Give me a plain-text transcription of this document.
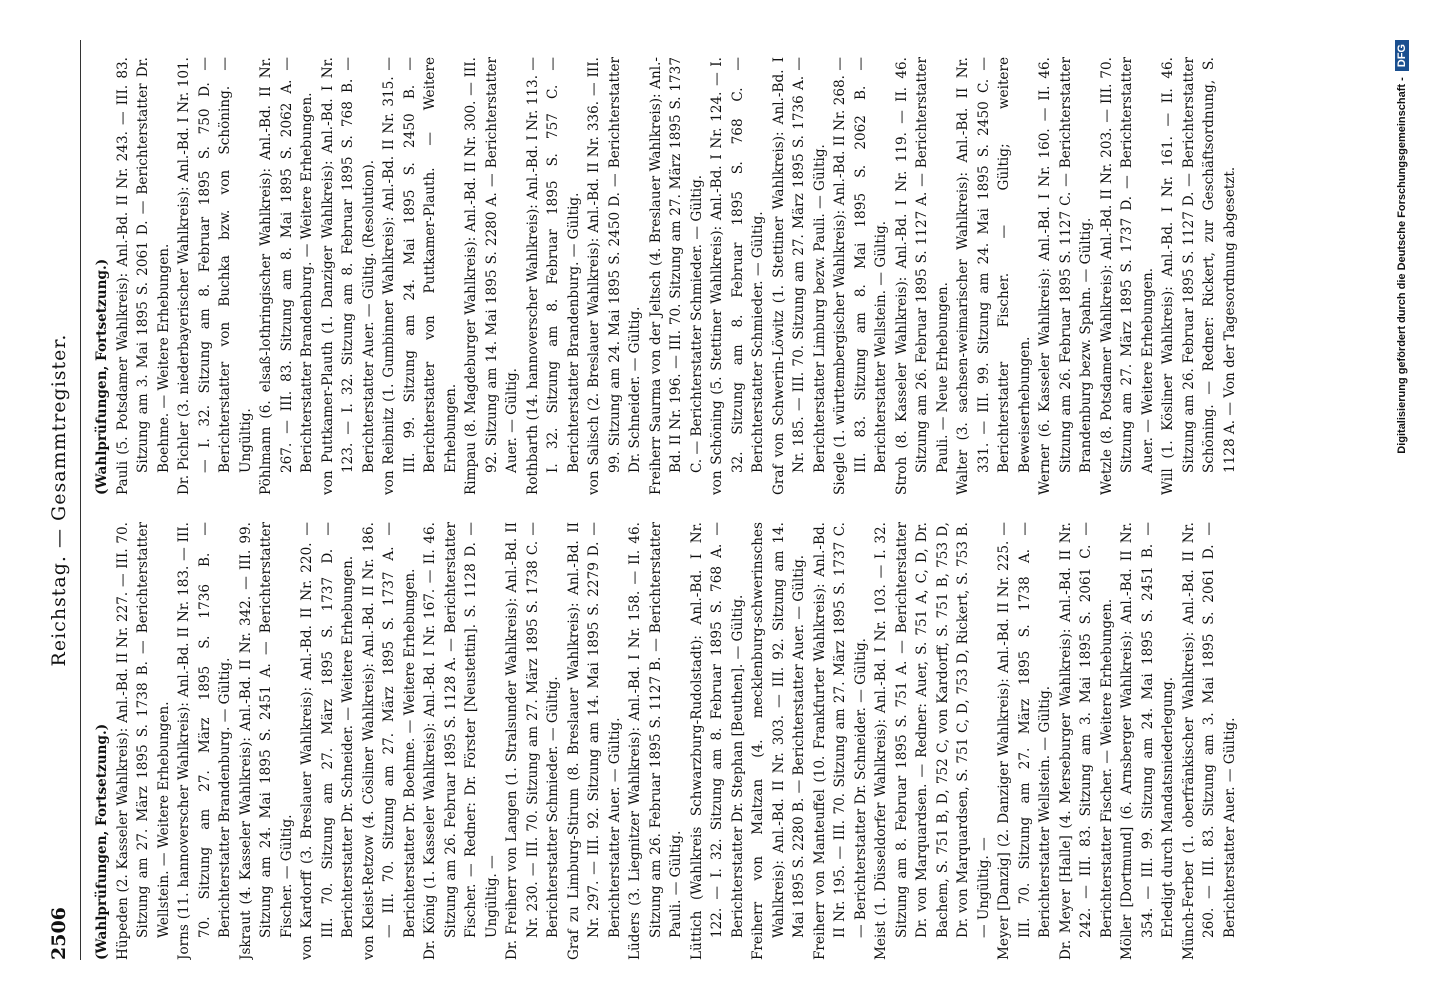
2506
Reichstag. — Gesammtregister.
(Wahlprüfungen, Fortsetzung.) Hüpeden (2. Kasseler Wahlkreis): Anl.-Bd. II Nr. 227. — III. 70. Sitzung am 27. März 1895 S. 1738 B. — Berichterstatter Wellstein. — Weitere Erhebungen. Jorns (11. hannoverscher Wahlkreis): Anl.-Bd. II Nr. 183. — III. 70. Sitzung am 27. März 1895 S. 1736 B. — Berichterstatter Brandenburg. — Gültig. Jskraut (4. Kasseler Wahlkreis): Anl.-Bd. II Nr. 342. — III. 99. Sitzung am 24. Mai 1895 S. 2451 A. — Berichterstatter Fischer. — Gültig. von Kardorff (3. Breslauer Wahlkreis): Anl.-Bd. II Nr. 220. — III. 70. Sitzung am 27. März 1895 S. 1737 D. — Berichterstatter Dr. Schneider. — Weitere Erhebungen. von Kleist-Retzow (4. Cösliner Wahlkreis): Anl.-Bd. II Nr. 186. — III. 70. Sitzung am 27. März 1895 S. 1737 A. — Berichterstatter Dr. Boehme. — Weitere Erhebungen. Dr. König (1. Kasseler Wahlkreis): Anl.-Bd. I Nr. 167. — II. 46. Sitzung am 26. Februar 1895 S. 1128 A. — Berichterstatter Fischer. — Redner: Dr. Förster [Neustettin]. S. 1128 D. — Ungültig. — Dr. Freiherr von Langen (1. Stralsunder Wahlkreis): Anl.-Bd. II Nr. 230. — III. 70. Sitzung am 27. März 1895 S. 1738 C. — Berichterstatter Schmieder. — Gültig. Graf zu Limburg-Stirum (8. Breslauer Wahlkreis): Anl.-Bd. II Nr. 297. — III. 92. Sitzung am 14. Mai 1895 S. 2279 D. — Berichterstatter Auer. — Gültig. Lüders (3. Liegnitzer Wahlkreis): Anl.-Bd. I Nr. 158. — II. 46. Sitzung am 26. Februar 1895 S. 1127 B. — Berichterstatter Pauli. — Gültig. Lüttich (Wahlkreis Schwarzburg-Rudolstadt): Anl.-Bd. I Nr. 122. — I. 32. Sitzung am 8. Februar 1895 S. 768 A. — Berichterstatter Dr. Stephan [Beuthen]. — Gültig. Freiherr von Maltzan (4. mecklenburg-schwerinsches Wahlkreis): Anl.-Bd. II Nr. 303. — III. 92. Sitzung am 14. Mai 1895 S. 2280 B. — Berichterstatter Auer. — Gültig. Freiherr von Manteuffel (10. Frankfurter Wahlkreis): Anl.-Bd. II Nr. 195. — III. 70. Sitzung am 27. März 1895 S. 1737 C. — Berichterstatter Dr. Schneider. — Gültig. Meist (1. Düsseldorfer Wahlkreis): Anl.-Bd. I Nr. 103. — I. 32. Sitzung am 8. Februar 1895 S. 751 A. — Berichterstatter Dr. von Marquardsen. — Redner: Auer, S. 751 A, C, D, Dr. Bachem, S. 751 B, D, 752 C, von Kardorff, S. 751 B, 753 D, Dr. von Marquardsen, S. 751 C, D, 753 D, Rickert, S. 753 B. — Ungültig. — Meyer [Danzig] (2. Danziger Wahlkreis): Anl.-Bd. II Nr. 225. — III. 70. Sitzung am 27. März 1895 S. 1738 A. — Berichterstatter Wellstein. — Gültig. Dr. Meyer [Halle] (4. Merseburger Wahlkreis): Anl.-Bd. II Nr. 242. — III. 83. Sitzung am 3. Mai 1895 S. 2061 C. — Berichterstatter Fischer. — Weitere Erhebungen. Möller [Dortmund] (6. Arnsberger Wahlkreis): Anl.-Bd. II Nr. 354. — III. 99. Sitzung am 24. Mai 1895 S. 2451 B. — Erledigt durch Mandatsniederlegung. Münch-Ferber (1. oberfränkischer Wahlkreis): Anl.-Bd. II Nr. 260. — III. 83. Sitzung am 3. Mai 1895 S. 2061 D. — Berichterstatter Auer. — Gültig.

(Wahlprüfungen, Fortsetzung.) Pauli (5. Potsdamer Wahlkreis): Anl.-Bd. II Nr. 243. — III. 83. Sitzung am 3. Mai 1895 S. 2061 D. — Berichterstatter Dr. Boehme. — Weitere Erhebungen. Dr. Pichler (3. niederbayerischer Wahlkreis): Anl.-Bd. I Nr. 101. — I. 32. Sitzung am 8. Februar 1895 S. 750 D. — Berichterstatter von Buchka bzw. von Schöning. — Ungültig. Pöhlmann (6. elsaß-lothringischer Wahlkreis): Anl.-Bd. II Nr. 267. — III. 83. Sitzung am 8. Mai 1895 S. 2062 A. — Berichterstatter Brandenburg. — Weitere Erhebungen. von Puttkamer-Plauth (1. Danziger Wahlkreis): Anl.-Bd. I Nr. 123. — I. 32. Sitzung am 8. Februar 1895 S. 768 B. — Berichterstatter Auer. — Gültig. (Resolution). von Reibnitz (1. Gumbinner Wahlkreis): Anl.-Bd. II Nr. 315. — III. 99. Sitzung am 24. Mai 1895 S. 2450 B. — Berichterstatter von Puttkamer-Plauth. — Weitere Erhebungen. Rimpau (8. Magdeburger Wahlkreis): Anl.-Bd. II Nr. 300. — III. 92. Sitzung am 14. Mai 1895 S. 2280 A. — Berichterstatter Auer. — Gültig. Rothbarth (14. hannoverscher Wahlkreis): Anl.-Bd. I Nr. 113. — I. 32. Sitzung am 8. Februar 1895 S. 757 C. — Berichterstatter Brandenburg. — Gültig. von Salisch (2. Breslauer Wahlkreis): Anl.-Bd. II Nr. 336. — III. 99. Sitzung am 24. Mai 1895 S. 2450 D. — Berichterstatter Dr. Schneider. — Gültig. Freiherr Saurma von der Jeltsch (4. Breslauer Wahlkreis): Anl.-Bd. II Nr. 196. — III. 70. Sitzung am 27. März 1895 S. 1737 C. — Berichterstatter Schmieder. — Gültig. von Schöning (5. Stettiner Wahlkreis): Anl.-Bd. I Nr. 124. — I. 32. Sitzung am 8. Februar 1895 S. 768 C. — Berichterstatter Schmieder. — Gültig. Graf von Schwerin-Löwitz (1. Stettiner Wahlkreis): Anl.-Bd. I Nr. 185. — III. 70. Sitzung am 27. März 1895 S. 1736 A. — Berichterstatter Limburg bezw. Pauli. — Gültig. Siegle (1. württembergischer Wahlkreis): Anl.-Bd. II Nr. 268. — III. 83. Sitzung am 8. Mai 1895 S. 2062 B. — Berichterstatter Wellstein. — Gültig. Stroh (8. Kasseler Wahlkreis): Anl.-Bd. I Nr. 119. — II. 46. Sitzung am 26. Februar 1895 S. 1127 A. — Berichterstatter Pauli. — Neue Erhebungen. Walter (3. sachsen-weimarischer Wahlkreis): Anl.-Bd. II Nr. 331. — III. 99. Sitzung am 24. Mai 1895 S. 2450 C. — Berichterstatter Fischer. — Gültig; weitere Beweiserhebungen. Werner (6. Kasseler Wahlkreis): Anl.-Bd. I Nr. 160. — II. 46. Sitzung am 26. Februar 1895 S. 1127 C. — Berichterstatter Brandenburg bezw. Spahn. — Gültig. Wetzle (8. Potsdamer Wahlkreis): Anl.-Bd. II Nr. 203. — III. 70. Sitzung am 27. März 1895 S. 1737 D. — Berichterstatter Auer. — Weitere Erhebungen. Will (1. Kösliner Wahlkreis): Anl.-Bd. I Nr. 161. — II. 46. Sitzung am 26. Februar 1895 S. 1127 D. — Berichterstatter Schöning. — Redner: Rickert, zur Geschäftsordnung, S. 1128 A. — Von der Tagesordnung abgesetzt.	Digitalisierung gefördert durch die Deutsche Forschungsgemeinschaft -DFG
